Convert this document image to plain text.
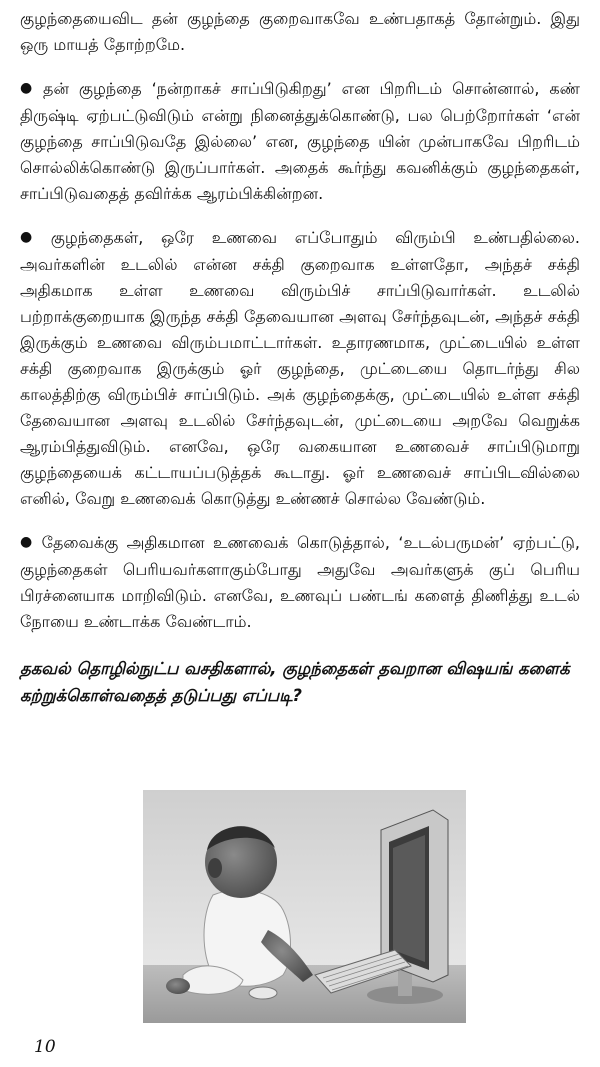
குழந்தையைவிட தன் குழந்தை குறைவாகவே உண்பதாகத் தோன்றும். இது ஒரு மாயத் தோற்றமே.

● தன் குழந்தை ‘நன்றாகச் சாப்பிடுகிறது’ என பிறரிடம் சொன்னால், கண் திருஷ்டி ஏற்பட்டுவிடும் என்று நினைத்துக்கொண்டு, பல பெற்றோர்கள் ‘என் குழந்தை சாப்பிடுவதே இல்லை’ என, குழந்தை யின் முன்பாகவே பிறரிடம் சொல்லிக்கொண்டு இருப்பார்கள். அதைக் கூர்ந்து கவனிக்கும் குழந்தைகள், சாப்பிடுவதைத் தவிர்க்க ஆரம்பிக்கின்றன.

● குழந்தைகள், ஒரே உணவை எப்போதும் விரும்பி உண்பதில்லை. அவர்களின் உடலில் என்ன சக்தி குறைவாக உள்ளதோ, அந்தச் சக்தி அதிகமாக உள்ள உணவை விரும்பிச் சாப்பிடுவார்கள். உடலில் பற்றாக்குறையாக இருந்த சக்தி தேவையான அளவு சேர்ந்தவுடன், அந்தச் சக்தி இருக்கும் உணவை விரும்பமாட்டார்கள். உதாரணமாக, முட்டையில் உள்ள சக்தி குறைவாக இருக்கும் ஓர் குழந்தை, முட்டையை தொடர்ந்து சில காலத்திற்கு விரும்பிச் சாப்பிடும். அக் குழந்தைக்கு, முட்டையில் உள்ள சக்தி தேவையான அளவு உடலில் சேர்ந்தவுடன், முட்டையை அறவே வெறுக்க ஆரம்பித்துவிடும். எனவே, ஒரே வகையான உணவைச் சாப்பிடுமாறு குழந்தையைக் கட்டாயப்படுத்தக் கூடாது. ஓர் உணவைச் சாப்பிடவில்லை எனில், வேறு உணவைக் கொடுத்து உண்ணச் சொல்ல வேண்டும்.

● தேவைக்கு அதிகமான உணவைக் கொடுத்தால், ‘உடல்பருமன்’ ஏற்பட்டு, குழந்தைகள் பெரியவர்களாகும்போது அதுவே அவர்களுக் குப் பெரிய பிரச்னையாக மாறிவிடும். எனவே, உணவுப் பண்டங் களைத் திணித்து உடல் நோயை உண்டாக்க வேண்டாம்.

தகவல் தொழில்நுட்ப வசதிகளால், குழந்தைகள் தவறான விஷயங் களைக் கற்றுக்கொள்வதைத் தடுப்பது எப்படி?

10
